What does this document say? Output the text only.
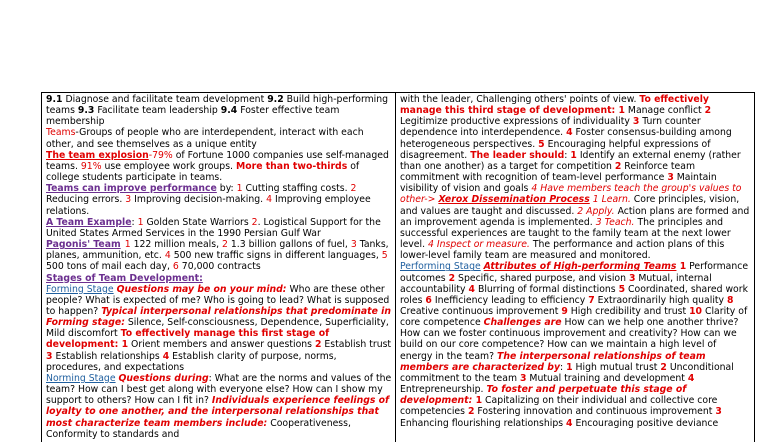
9.1 Diagnose and facilitate team development 9.2 Build high-performing teams 9.3 Facilitate team leadership 9.4 Foster effective team membership

Teams-Groups of people who are interdependent, interact with each other, and see themselves as a unique entity

The team explosion-79% of Fortune 1000 companies use self-managed teams. 91% use employee work groups. More than two-thirds of college students participate in teams.

Teams can improve performance by: 1 Cutting staffing costs. 2 Reducing errors. 3 Improving decision-making. 4 Improving employee relations.

A Team Example: 1 Golden State Warriors 2. Logistical Support for the United States Armed Services in the 1990 Persian Gulf War

Pagonis' Team 1 122 million meals, 2 1.3 billion gallons of fuel, 3 Tanks, planes, ammunition, etc. 4 500 new traffic signs in different languages, 5 500 tons of mail each day, 6 70,000 contracts

Stages of Team Development:

Forming Stage Questions may be on your mind: Who are these other people? What is expected of me? Who is going to lead? What is supposed to happen? Typical interpersonal relationships that predominate in Forming stage: Silence, Self-consciousness, Dependence, Superficiality, Mild discomfort To effectively manage this first stage of development: 1 Orient members and answer questions 2 Establish trust 3 Establish relationships 4 Establish clarity of purpose, norms, procedures, and expectations

Norming Stage Questions during: What are the norms and values of the team? How can I best get along with everyone else? How can I show my support to others? How can I fit in? Individuals experience feelings of loyalty to one another, and the interpersonal relationships that most characterize team members include: Cooperativeness, Conformity to standards and

with the leader, Challenging others' points of view. To effectively manage this third stage of development: 1 Manage conflict 2 Legitimize productive expressions of individuality 3 Turn counter dependence into interdependence. 4 Foster consensus-building among heterogeneous perspectives. 5 Encouraging helpful expressions of disagreement. The leader should: 1 Identify an external enemy (rather than one another) as a target for competition 2 Reinforce team commitment with recognition of team-level performance 3 Maintain visibility of vision and goals 4 Have members teach the group's values to other-> Xerox Dissemination Process 1 Learn. Core principles, vision, and values are taught and discussed. 2 Apply. Action plans are formed and an improvement agenda is implemented. 3 Teach. The principles and successful experiences are taught to the family team at the next lower level. 4 Inspect or measure. The performance and action plans of this lower-level family team are measured and monitored.

Performing Stage Attributes of High-performing Teams 1 Performance outcomes 2 Specific, shared purpose, and vision 3 Mutual, internal accountability 4 Blurring of formal distinctions 5 Coordinated, shared work roles 6 Inefficiency leading to efficiency 7 Extraordinarily high quality 8 Creative continuous improvement 9 High credibility and trust 10 Clarity of core competence Challenges are How can we help one another thrive? How can we foster continuous improvement and creativity? How can we build on our core competence? How can we maintain a high level of energy in the team? The interpersonal relationships of team members are characterized by: 1 High mutual trust 2 Unconditional commitment to the team 3 Mutual training and development 4 Entrepreneurship. To foster and perpetuate this stage of development: 1 Capitalizing on their individual and collective core competencies 2 Fostering innovation and continuous improvement 3 Enhancing flourishing relationships 4 Encouraging positive deviance
